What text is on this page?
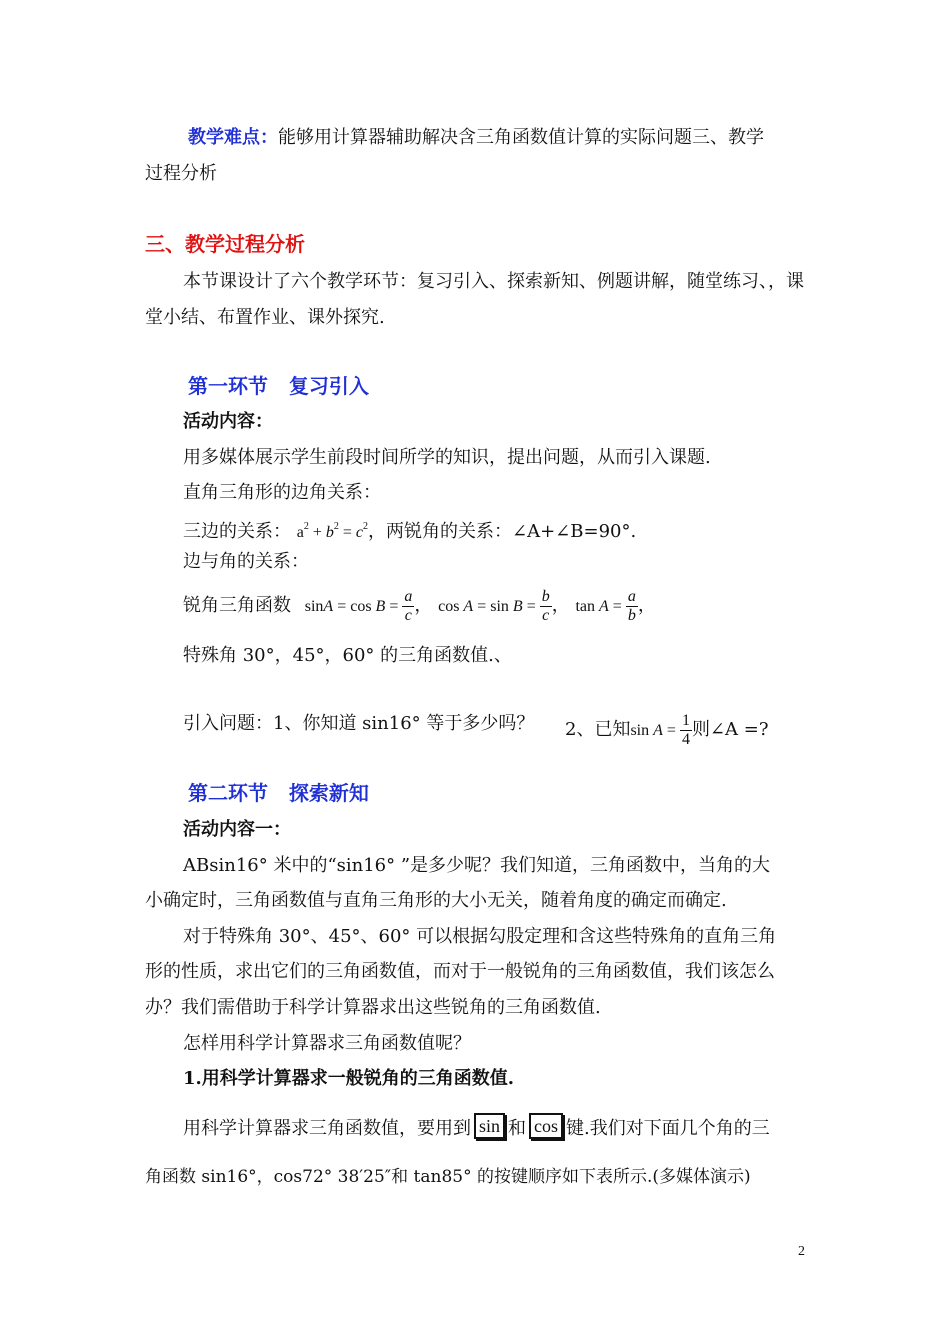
教学难点：能够用计算器辅助解决含三角函数值计算的实际问题三、教学
过程分析
三、教学过程分析
本节课设计了六个教学环节：复习引入、探索新知、例题讲解，随堂练习、，课
堂小结、布置作业、课外探究.
第一环节   复习引入
活动内容：
用多媒体展示学生前段时间所学的知识，提出问题，从而引入课题.
直角三角形的边角关系：
三边的关系： $a^2 + b^2 = c^2$，两锐角的关系：∠A+∠B=90°.
边与角的关系：
锐角三角函数 $\sin A = \cos B = \frac{a}{c}$ ， $\cos A = \sin B = \frac{b}{c}$ ， $\tan A = \frac{a}{b}$ ，
特殊角 30°，45°，60° 的三角函数值.、
引入问题：1、你知道 sin16° 等于多少吗？ 2、已知$\sin A = \frac{1}{4}$ 则∠A =?
第二环节   探索新知
活动内容一：
ABsin16° 米中的“sin16° ”是多少呢？我们知道，三角函数中，当角的大
小确定时，三角函数值与直角三角形的大小无关，随着角度的确定而确定.
对于特殊角 30°、45°、60° 可以根据勾股定理和含这些特殊角的直角三角
形的性质，求出它们的三角函数值，而对于一般锐角的三角函数值，我们该怎么
办？我们需借助于科学计算器求出这些锐角的三角函数值.
怎样用科学计算器求三角函数值呢？
1.用科学计算器求一般锐角的三角函数值.
用科学计算器求三角函数值，要用到 sin 和 cos 键.我们对下面几个角的三
角函数 sin16°，cos72° 38′25″和 tan85° 的按键顺序如下表所示.(多媒体演示)
2
